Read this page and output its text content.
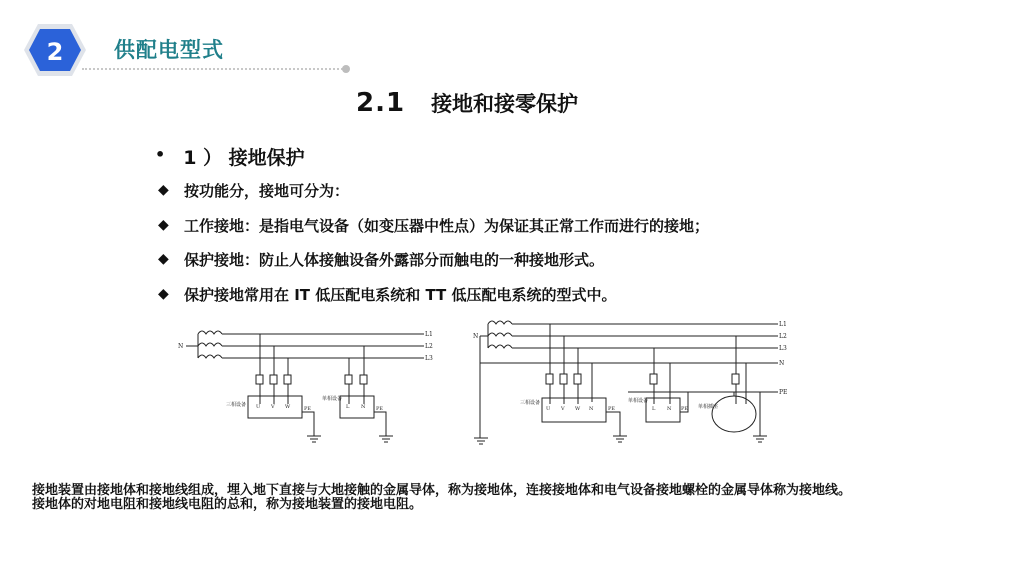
2 供配电型式
2.1 接地和接零保护
• 1 ） 接地保护
◆	按功能分，接地可分为：
◆	工作接地：是指电气设备（如变压器中性点）为保证其正常工作而进行的接地；
◆	保护接地：防止人体接触设备外露部分而触电的一种接地形式。
◆	保护接地常用在 IT 低压配电系统和 TT 低压配电系统的型式中。
L1
L2
L3
N
三相设备 U V W	PE
单相设备
L N PE
L1
L2
L3
N
PE
N
三相设备
U V W N	PE
单相设备
L N PE 单相插座

接地装置由接地体和接地线组成，埋入地下直接与大地接触的金属导体，称为接地体，连接接地体和电气设备接地螺栓的金属导体称为接地线。

接地体的对地电阻和接地线电阻的总和，称为接地装置的接地电阻。
